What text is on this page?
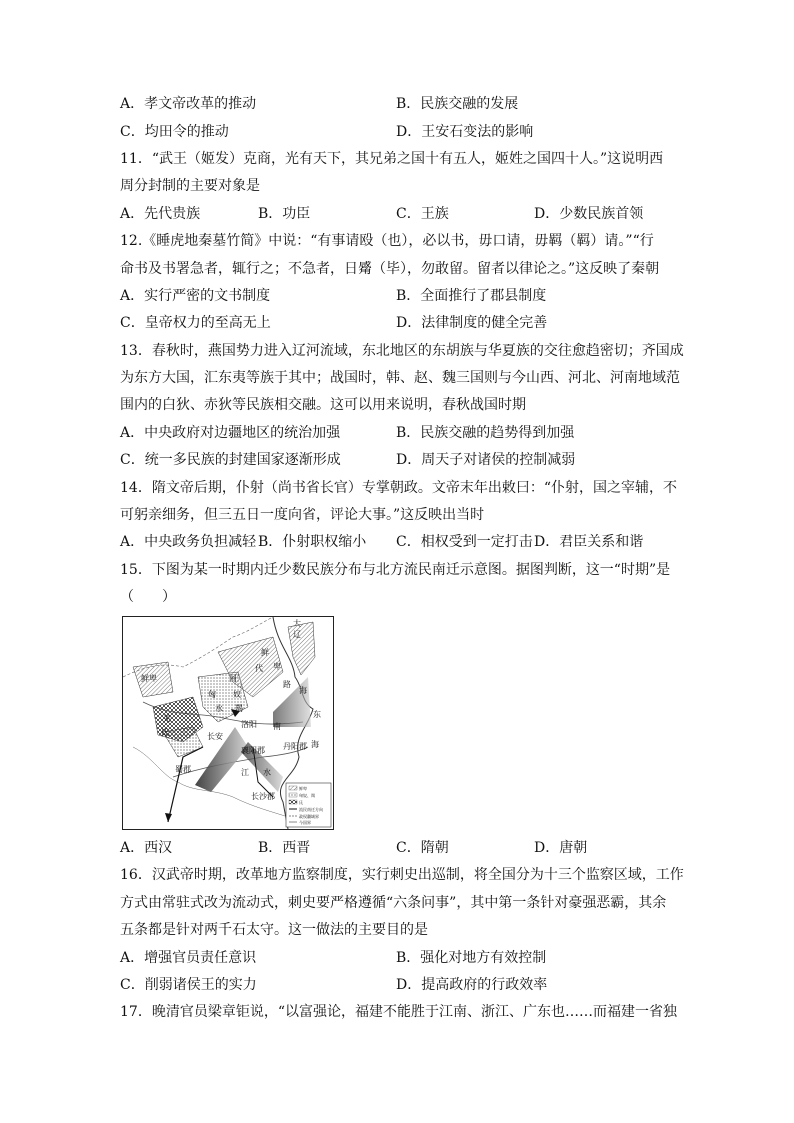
A．孝文帝改革的推动	B．民族交融的发展
C．均田令的推动	D．王安石变法的影响
11．“武王（姬发）克商，光有天下，其兄弟之国十有五人，姬姓之国四十人。”这说明西
周分封制的主要对象是
A．先代贵族	B．功臣	C．王族	D．少数民族首领
12.《睡虎地秦墓竹简》中说：“有事请殴（也），必以书，毋口请，毋羁（羁）请。”“行
命书及书署急者，辄行之；不急者，日觱（毕），勿敢留。留者以律论之。”这反映了秦朝
A．实行严密的文书制度	B．全面推行了郡县制度
C．皇帝权力的至高无上	D．法律制度的健全完善
13．春秋时，燕国势力进入辽河流域，东北地区的东胡族与华夏族的交往愈趋密切；齐国成
为东方大国，汇东夷等族于其中；战国时，韩、赵、魏三国则与今山西、河北、河南地域范
围内的白狄、赤狄等民族相交融。这可以用来说明，春秋战国时期
A．中央政府对边疆地区的统治加强	B．民族交融的趋势得到加强
C．统一多民族的封建国家逐渐形成	D．周天子对诸侯的控制减弱
14．隋文帝后期，仆射（尚书省长官）专掌朝政。文帝末年出敕曰：“仆射，国之宰辅，不
可躬亲细务，但三五日一度向省，评论大事。”这反映出当时
A．中央政务负担减轻 B．仆射职权缩小 C．相权受到一定打击 D．君臣关系和谐
15．下图为某一时期内迁少数民族分布与北方流民南迁示意图。据图判断，这一“时期”是
（　　）
大
辽
鲜
代 卑
路
鲜卑	河
匈 奴
羯
水
海
洛阳
东
羌
氐	长安
南
襄阳郡 丹阳郡 海
蜀郡	江 水
长沙郡
鲜卑
匈奴、羯
氐
流民南迁方向
政权疆域界
今国界
A．西汉	B．西晋	C．隋朝	D．唐朝
16．汉武帝时期，改革地方监察制度，实行刺史出巡制，将全国分为十三个监察区域，工作
方式由常驻式改为流动式，刺史要严格遵循“六条问事”，其中第一条针对豪强恶霸，其余
五条都是针对两千石太守。这一做法的主要目的是
A．增强官员责任意识	B．强化对地方有效控制
C．削弱诸侯王的实力	D．提高政府的行政效率
17．晚清官员梁章钜说，“以富强论，福建不能胜于江南、浙江、广东也……而福建一省独
